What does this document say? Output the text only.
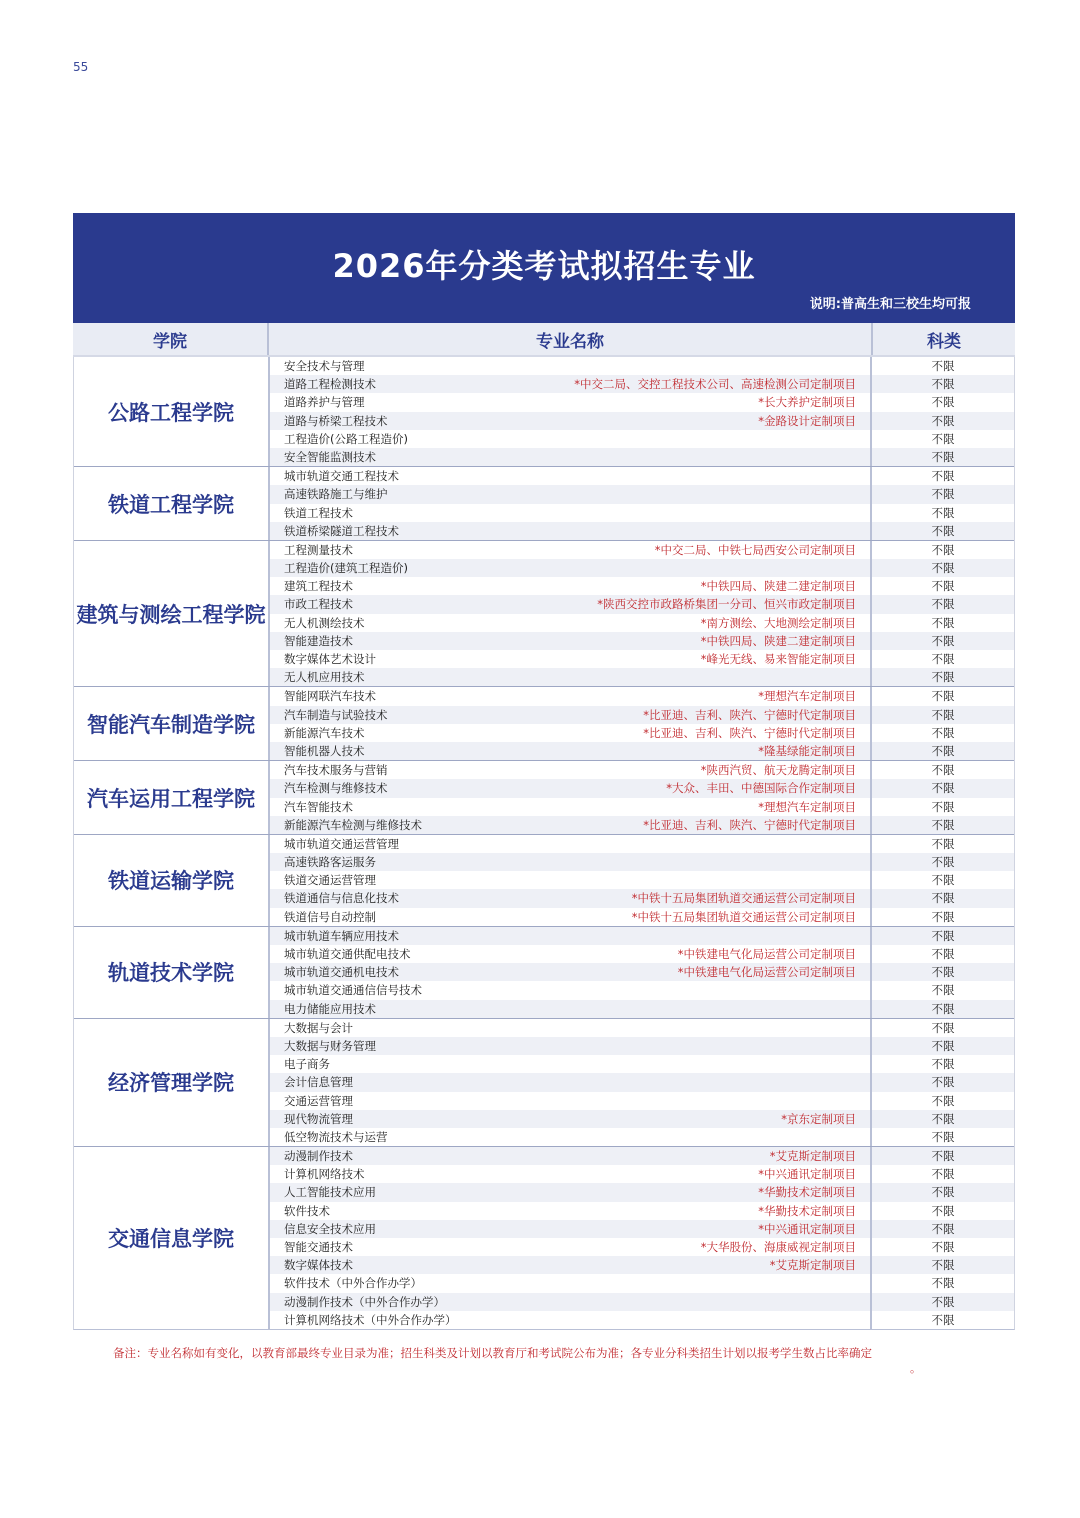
55
2026年分类考试拟招生专业
说明:普高生和三校生均可报
学院	专业名称	科类
公路工程学院
安全技术与管理	不限
道路工程检测技术	*中交二局、交控工程技术公司、高速检测公司定制项目	不限
道路养护与管理	*长大养护定制项目	不限
道路与桥梁工程技术	*金路设计定制项目	不限
工程造价(公路工程造价)	不限
安全智能监测技术	不限
铁道工程学院
城市轨道交通工程技术	不限
高速铁路施工与维护	不限
铁道工程技术	不限
铁道桥梁隧道工程技术	不限
建筑与测绘工程学院
工程测量技术	*中交二局、中铁七局西安公司定制项目	不限
工程造价(建筑工程造价)	不限
建筑工程技术	*中铁四局、陕建二建定制项目	不限
市政工程技术	*陕西交控市政路桥集团一分司、恒兴市政定制项目	不限
无人机测绘技术	*南方测绘、大地测绘定制项目	不限
智能建造技术	*中铁四局、陕建二建定制项目	不限
数字媒体艺术设计	*峰光无线、易来智能定制项目	不限
无人机应用技术	不限
智能汽车制造学院
智能网联汽车技术	*理想汽车定制项目	不限
汽车制造与试验技术	*比亚迪、吉利、陕汽、宁德时代定制项目	不限
新能源汽车技术	*比亚迪、吉利、陕汽、宁德时代定制项目	不限
智能机器人技术	*隆基绿能定制项目	不限
汽车运用工程学院
汽车技术服务与营销	*陕西汽贸、航天龙腾定制项目	不限
汽车检测与维修技术	*大众、丰田、中德国际合作定制项目	不限
汽车智能技术	*理想汽车定制项目	不限
新能源汽车检测与维修技术	*比亚迪、吉利、陕汽、宁德时代定制项目	不限
铁道运输学院
城市轨道交通运营管理	不限
高速铁路客运服务	不限
铁道交通运营管理	不限
铁道通信与信息化技术	*中铁十五局集团轨道交通运营公司定制项目	不限
铁道信号自动控制	*中铁十五局集团轨道交通运营公司定制项目	不限
轨道技术学院
城市轨道车辆应用技术	不限
城市轨道交通供配电技术	*中铁建电气化局运营公司定制项目	不限
城市轨道交通机电技术	*中铁建电气化局运营公司定制项目	不限
城市轨道交通通信信号技术	不限
电力储能应用技术	不限
经济管理学院
大数据与会计	不限
大数据与财务管理	不限
电子商务	不限
会计信息管理	不限
交通运营管理	不限
现代物流管理	*京东定制项目	不限
低空物流技术与运营	不限
交通信息学院
动漫制作技术	*艾克斯定制项目	不限
计算机网络技术	*中兴通讯定制项目	不限
人工智能技术应用	*华勤技术定制项目	不限
软件技术	*华勤技术定制项目	不限
信息安全技术应用	*中兴通讯定制项目	不限
智能交通技术	*大华股份、海康威视定制项目	不限
数字媒体技术	*艾克斯定制项目	不限
软件技术（中外合作办学）	不限
动漫制作技术（中外合作办学）	不限
计算机网络技术（中外合作办学）	不限
备注：专业名称如有变化，以教育部最终专业目录为准；招生科类及计划以教育厅和考试院公布为准；各专业分科类招生计划以报考学生数占比率确定
。
